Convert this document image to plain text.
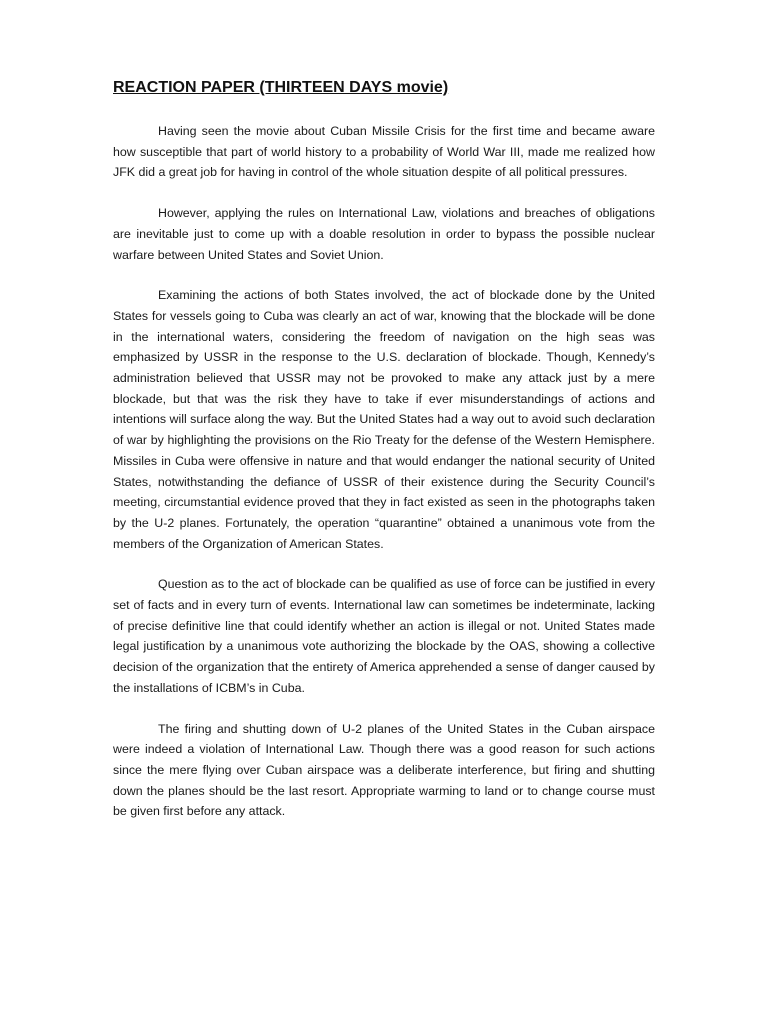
REACTION PAPER (THIRTEEN DAYS movie)

Having seen the movie about Cuban Missile Crisis for the first time and became aware how susceptible that part of world history to a probability of World War III, made me realized how JFK did a great job for having in control of the whole situation despite of all political pressures.

However, applying the rules on International Law, violations and breaches of obligations are inevitable just to come up with a doable resolution in order to bypass the possible nuclear warfare between United States and Soviet Union.

Examining the actions of both States involved, the act of blockade done by the United States for vessels going to Cuba was clearly an act of war, knowing that the blockade will be done in the international waters, considering the freedom of navigation on the high seas was emphasized by USSR in the response to the U.S. declaration of blockade. Though, Kennedy’s administration believed that USSR may not be provoked to make any attack just by a mere blockade, but that was the risk they have to take if ever misunderstandings of actions and intentions will surface along the way. But the United States had a way out to avoid such declaration of war by highlighting the provisions on the Rio Treaty for the defense of the Western Hemisphere. Missiles in Cuba were offensive in nature and that would endanger the national security of United States, notwithstanding the defiance of USSR of their existence during the Security Council’s meeting, circumstantial evidence proved that they in fact existed as seen in the photographs taken by the U-2 planes. Fortunately, the operation “quarantine” obtained a unanimous vote from the members of the Organization of American States.

Question as to the act of blockade can be qualified as use of force can be justified in every set of facts and in every turn of events. International law can sometimes be indeterminate, lacking of precise definitive line that could identify whether an action is illegal or not. United States made legal justification by a unanimous vote authorizing the blockade by the OAS, showing a collective decision of the organization that the entirety of America apprehended a sense of danger caused by the installations of ICBM’s in Cuba.

The firing and shutting down of U-2 planes of the United States in the Cuban airspace were indeed a violation of International Law. Though there was a good reason for such actions since the mere flying over Cuban airspace was a deliberate interference, but firing and shutting down the planes should be the last resort. Appropriate warming to land or to change course must be given first before any attack.
